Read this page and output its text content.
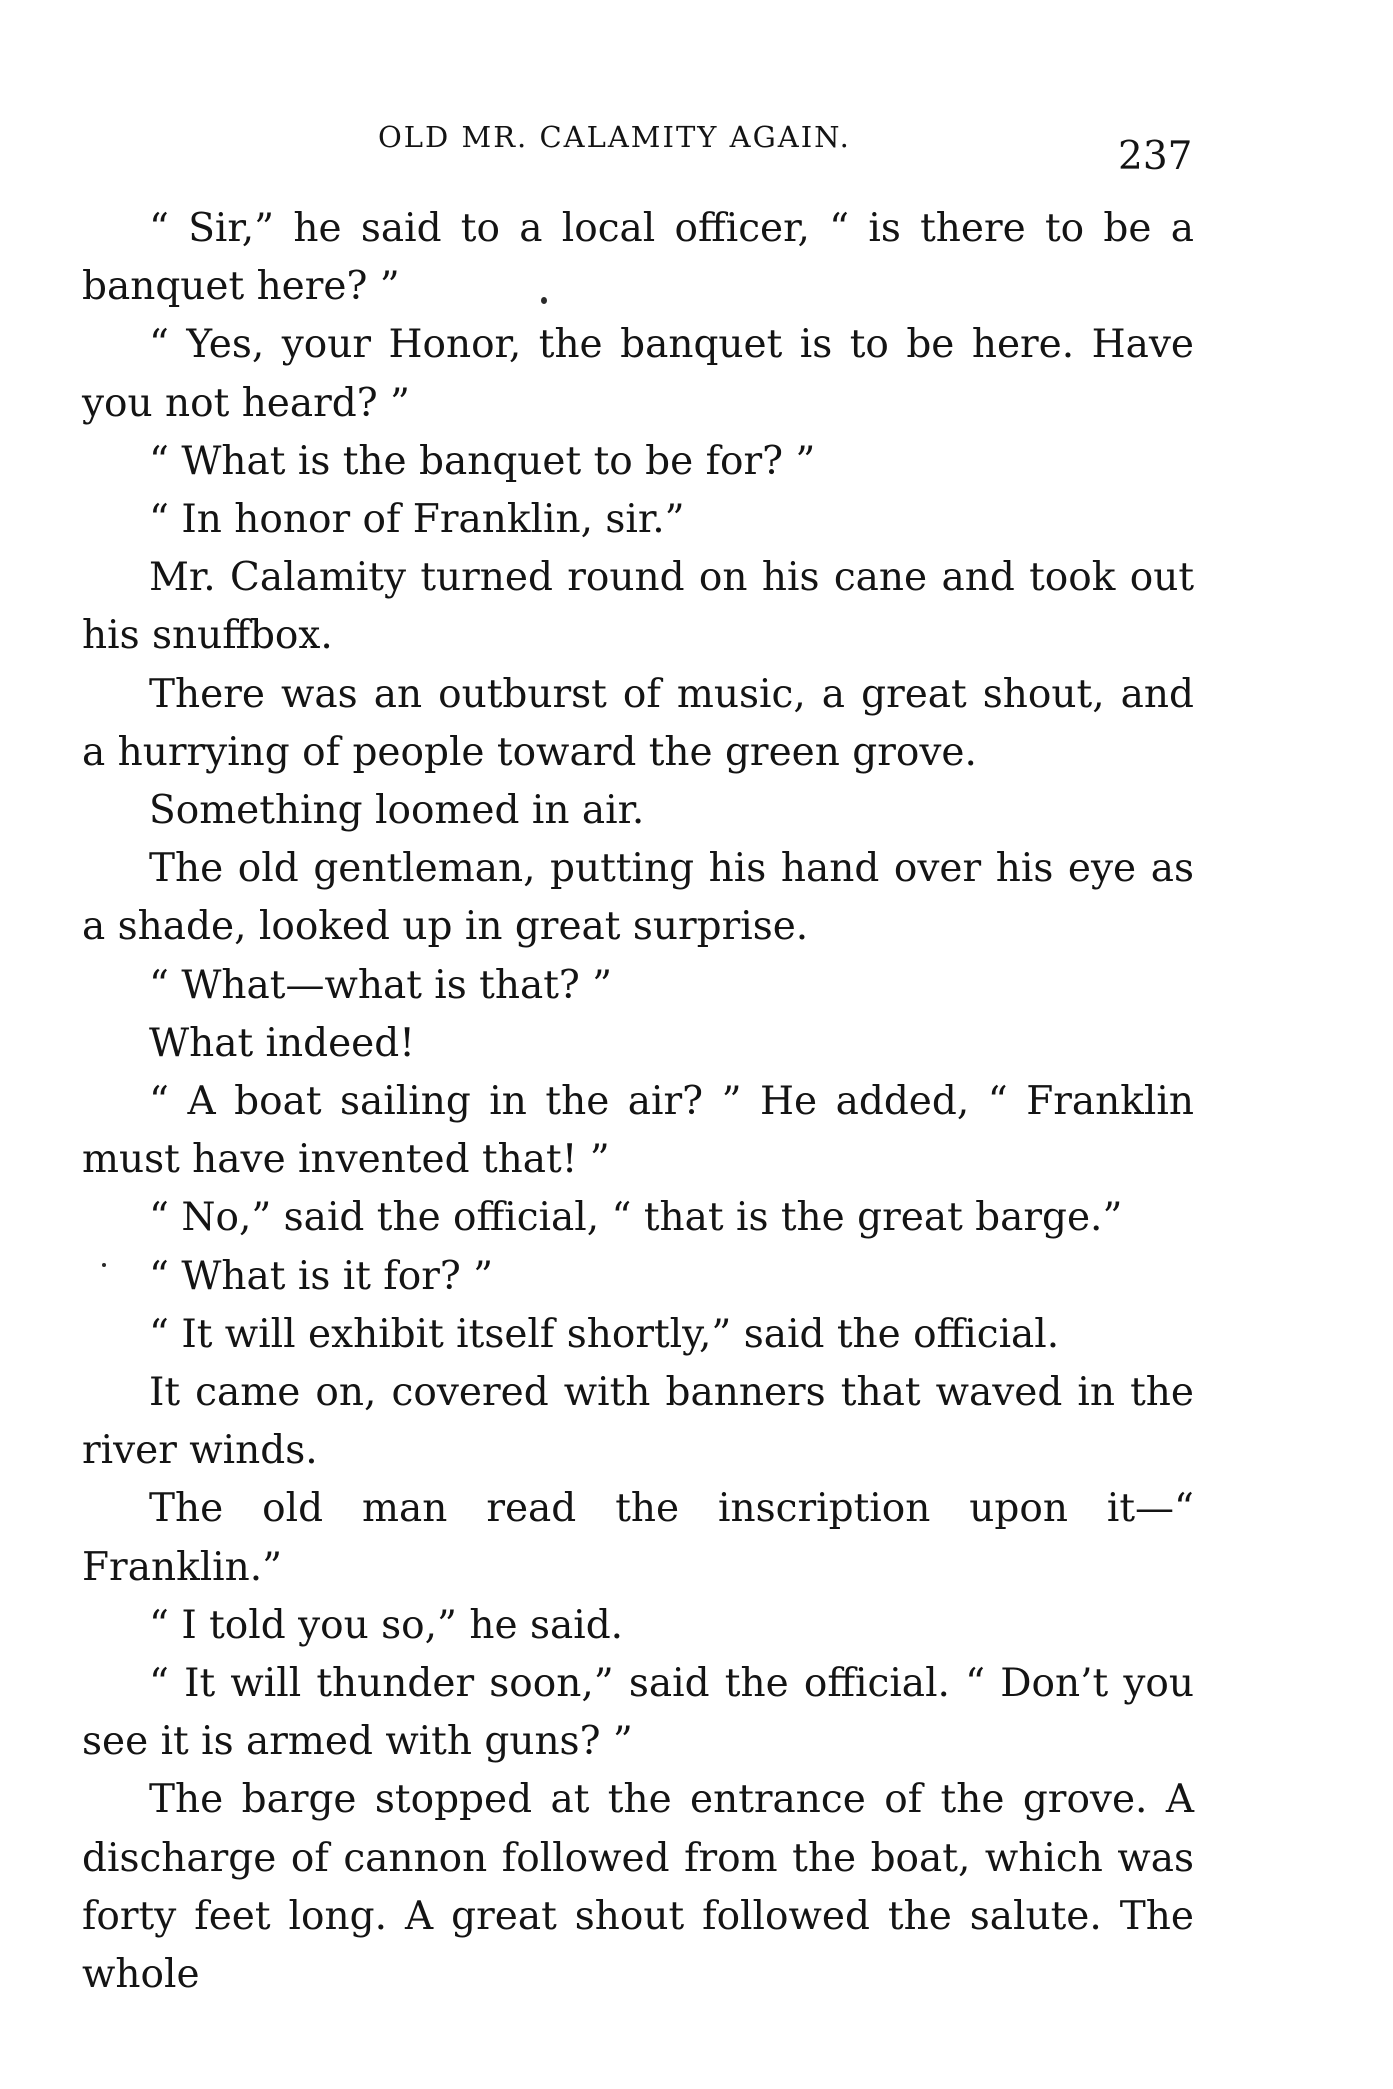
OLD MR. CALAMITY AGAIN.	237

“ Sir,” he said to a local officer, “ is there to be a banquet here? ”

“ Yes, your Honor, the banquet is to be here. Have you not heard? ”

“ What is the banquet to be for? ”

“ In honor of Franklin, sir.”

Mr. Calamity turned round on his cane and took out his snuffbox.

There was an outburst of music, a great shout, and a hurrying of people toward the green grove.

Something loomed in air.

The old gentleman, putting his hand over his eye as a shade, looked up in great surprise.

“ What—what is that? ”

What indeed!

“ A boat sailing in the air? ” He added, “ Franklin must have invented that! ”

“ No,” said the official, “ that is the great barge.”

“ What is it for? ”

“ It will exhibit itself shortly,” said the official.

It came on, covered with banners that waved in the river winds.

The old man read the inscription upon it—“ Franklin.”

“ I told you so,” he said.

“ It will thunder soon,” said the official. “ Don’t you see it is armed with guns? ”

The barge stopped at the entrance of the grove. A discharge of cannon followed from the boat, which was forty feet long. A great shout followed the salute. The whole
